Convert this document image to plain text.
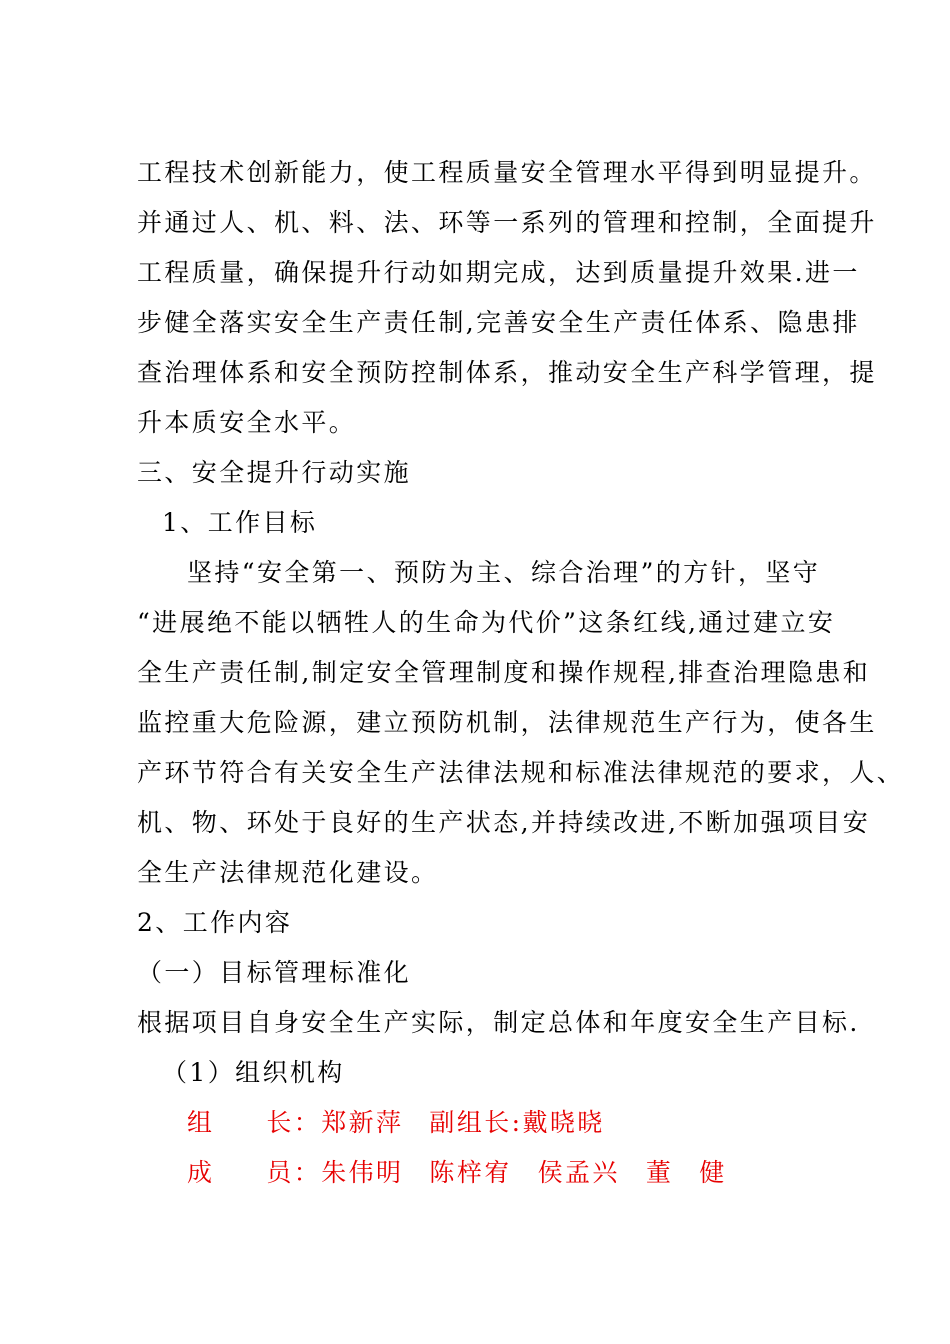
工程技术创新能力，使工程质量安全管理水平得到明显提升。
并通过人、机、料、法、环等一系列的管理和控制，全面提升
工程质量，确保提升行动如期完成，达到质量提升效果.进一
步健全落实安全生产责任制,完善安全生产责任体系、隐患排
查治理体系和安全预防控制体系，推动安全生产科学管理，提
升本质安全水平。
三、安全提升行动实施
1、工作目标
坚持“安全第一、预防为主、综合治理”的方针，坚守
“进展绝不能以牺牲人的生命为代价”这条红线,通过建立安
全生产责任制,制定安全管理制度和操作规程,排查治理隐患和
监控重大危险源，建立预防机制，法律规范生产行为，使各生
产环节符合有关安全生产法律法规和标准法律规范的要求，人、
机、物、环处于良好的生产状态,并持续改进,不断加强项目安
全生产法律规范化建设。
2、工作内容
（一）目标管理标准化
根据项目自身安全生产实际，制定总体和年度安全生产目标.
（1）组织机构
组 长：郑新萍 副组长:戴晓晓
成 员：朱伟明 陈梓宥 侯孟兴 董 健
